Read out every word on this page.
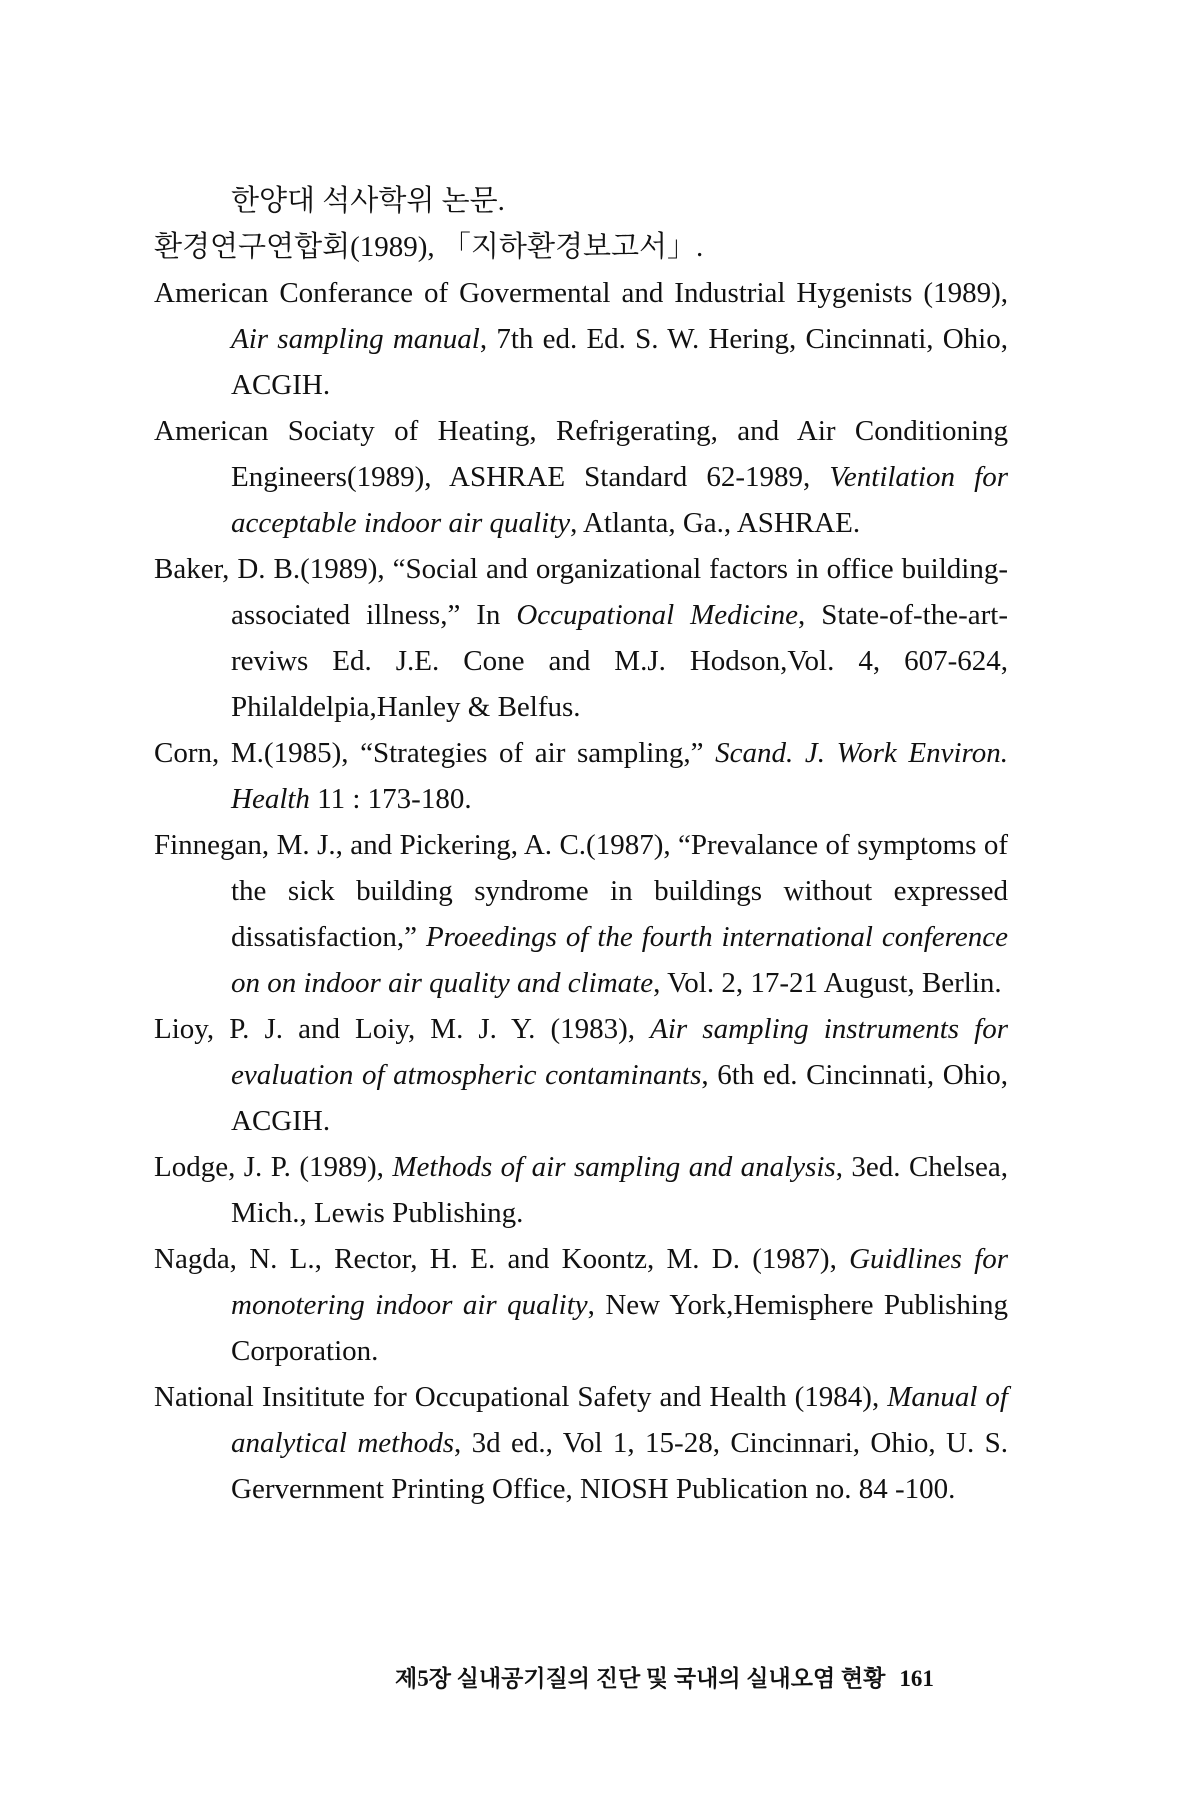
한양대 석사학위 논문.

환경연구연합회(1989), 「지하환경보고서」.

American Conferance of Govermental and Industrial Hygenists (1989), Air sampling manual, 7th ed. Ed. S. W. Hering, Cincinnati, Ohio, ACGIH.

American Sociaty of Heating, Refrigerating, and Air Conditioning Engineers(1989), ASHRAE Standard 62-1989, Ventilation for acceptable indoor air quality, Atlanta, Ga., ASHRAE.

Baker, D. B.(1989), “Social and organizational factors in office building-associated illness,” In Occupational Medicine, State-of-the-art-reviws Ed. J.E. Cone and M.J. Hodson,Vol. 4, 607-624, Philaldelpia,Hanley & Belfus.

Corn, M.(1985), “Strategies of air sampling,” Scand. J. Work Environ. Health 11 : 173-180.

Finnegan, M. J., and Pickering, A. C.(1987), “Prevalance of symptoms of the sick building syndrome in buildings without expressed dissatisfaction,” Proeedings of the fourth international conference on on indoor air quality and climate, Vol. 2, 17-21 August, Berlin.

Lioy, P. J. and Loiy, M. J. Y. (1983), Air sampling instruments for evaluation of atmospheric contaminants, 6th ed. Cincinnati, Ohio, ACGIH.

Lodge, J. P. (1989), Methods of air sampling and analysis, 3ed. Chelsea, Mich., Lewis Publishing.

Nagda, N. L., Rector, H. E. and Koontz, M. D. (1987), Guidlines for monotering indoor air quality, New York,Hemisphere Publishing Corporation.

National Insititute for Occupational Safety and Health (1984), Manual of analytical methods, 3d ed., Vol 1, 15-28, Cincinnari, Ohio, U. S. Gervernment Printing Office, NIOSH Publication no. 84 -100.

제5장 실내공기질의 진단 및 국내의 실내오염 현황 161
